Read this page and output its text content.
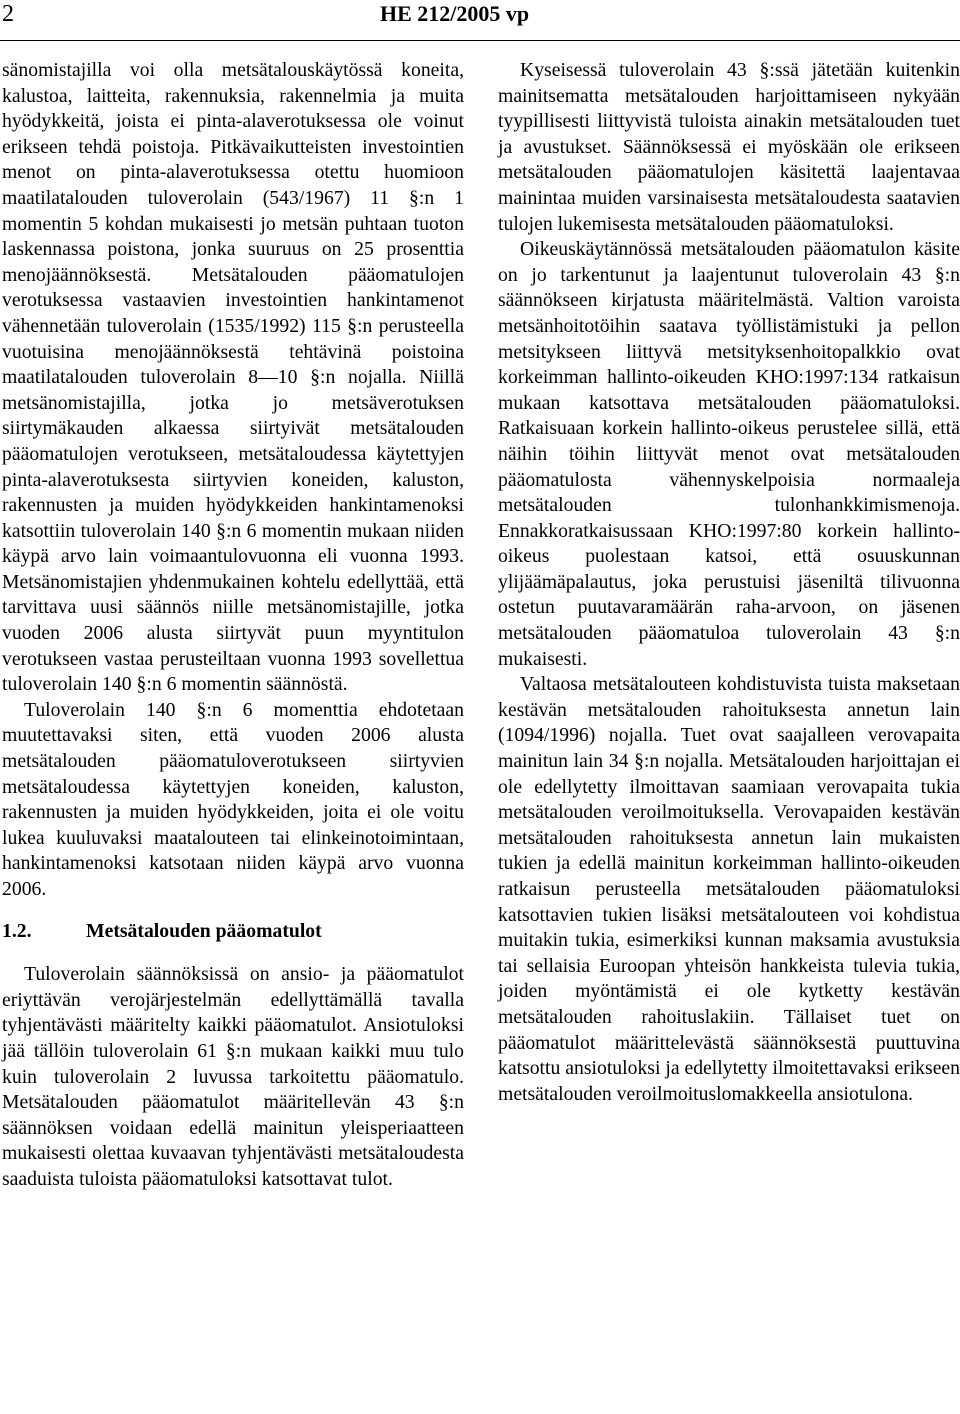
2	HE 212/2005 vp

sänomistajilla voi olla metsätalouskäytössä koneita, kalustoa, laitteita, rakennuksia, rakennelmia ja muita hyödykkeitä, joista ei pinta-alaverotuksessa ole voinut erikseen tehdä poistoja. Pitkävaikutteisten investointien menot on pinta-alaverotuksessa otettu huomioon maatilatalouden tuloverolain (543/1967) 11 §:n 1 momentin 5 kohdan mukaisesti jo metsän puhtaan tuoton laskennassa poistona, jonka suuruus on 25 prosenttia menojäännöksestä. Metsätalouden pääomatulojen verotuksessa vastaavien investointien hankintamenot vähennetään tuloverolain (1535/1992) 115 §:n perusteella vuotuisina menojäännöksestä tehtävinä poistoina maatilatalouden tuloverolain 8—10 §:n nojalla. Niillä metsänomistajilla, jotka jo metsäverotuksen siirtymäkauden alkaessa siirtyivät metsätalouden pääomatulojen verotukseen, metsätaloudessa käytettyjen pinta-alaverotuksesta siirtyvien koneiden, kaluston, rakennusten ja muiden hyödykkeiden hankintamenoksi katsottiin tuloverolain 140 §:n 6 momentin mukaan niiden käypä arvo lain voimaantulovuonna eli vuonna 1993. Metsänomistajien yhdenmukainen kohtelu edellyttää, että tarvittava uusi säännös niille metsänomistajille, jotka vuoden 2006 alusta siirtyvät puun myyntitulon verotukseen vastaa perusteiltaan vuonna 1993 sovellettua tuloverolain 140 §:n 6 momentin säännöstä.

Tuloverolain 140 §:n 6 momenttia ehdotetaan muutettavaksi siten, että vuoden 2006 alusta metsätalouden pääomatuloverotukseen siirtyvien metsätaloudessa käytettyjen koneiden, kaluston, rakennusten ja muiden hyödykkeiden, joita ei ole voitu lukea kuuluvaksi maatalouteen tai elinkeinotoimintaan, hankintamenoksi katsotaan niiden käypä arvo vuonna 2006.

1.2.	Metsätalouden pääomatulot

Tuloverolain säännöksissä on ansio- ja pääomatulot eriyttävän verojärjestelmän edellyttämällä tavalla tyhjentävästi määritelty kaikki pääomatulot. Ansiotuloksi jää tällöin tuloverolain 61 §:n mukaan kaikki muu tulo kuin tuloverolain 2 luvussa tarkoitettu pääomatulo. Metsätalouden pääomatulot määritellevän 43 §:n säännöksen voidaan edellä mainitun yleisperiaatteen mukaisesti olettaa kuvaavan tyhjentävästi metsätaloudesta saaduista tuloista pääomatuloksi katsottavat tulot.

Kyseisessä tuloverolain 43 §:ssä jätetään kuitenkin mainitsematta metsätalouden harjoittamiseen nykyään tyypillisesti liittyvistä tuloista ainakin metsätalouden tuet ja avustukset. Säännöksessä ei myöskään ole erikseen metsätalouden pääomatulojen käsitettä laajentavaa mainintaa muiden varsinaisesta metsätaloudesta saatavien tulojen lukemisesta metsätalouden pääomatuloksi.

Oikeuskäytännössä metsätalouden pääomatulon käsite on jo tarkentunut ja laajentunut tuloverolain 43 §:n säännökseen kirjatusta määritelmästä. Valtion varoista metsänhoitotöihin saatava työllistämistuki ja pellon metsitykseen liittyvä metsityksenhoitopalkkio ovat korkeimman hallinto-oikeuden KHO:1997:134 ratkaisun mukaan katsottava metsätalouden pääomatuloksi. Ratkaisuaan korkein hallinto-oikeus perustelee sillä, että näihin töihin liittyvät menot ovat metsätalouden pääomatulosta vähennyskelpoisia normaaleja metsätalouden tulonhankkimismenoja. Ennakkoratkaisussaan KHO:1997:80 korkein hallinto-oikeus puolestaan katsoi, että osuuskunnan ylijäämäpalautus, joka perustuisi jäseniltä tilivuonna ostetun puutavaramäärän raha-arvoon, on jäsenen metsätalouden pääomatuloa tuloverolain 43 §:n mukaisesti.

Valtaosa metsätalouteen kohdistuvista tuista maksetaan kestävän metsätalouden rahoituksesta annetun lain (1094/1996) nojalla. Tuet ovat saajalleen verovapaita mainitun lain 34 §:n nojalla. Metsätalouden harjoittajan ei ole edellytetty ilmoittavan saamiaan verovapaita tukia metsätalouden veroilmoituksella. Verovapaiden kestävän metsätalouden rahoituksesta annetun lain mukaisten tukien ja edellä mainitun korkeimman hallinto-oikeuden ratkaisun perusteella metsätalouden pääomatuloksi katsottavien tukien lisäksi metsätalouteen voi kohdistua muitakin tukia, esimerkiksi kunnan maksamia avustuksia tai sellaisia Euroopan yhteisön hankkeista tulevia tukia, joiden myöntämistä ei ole kytketty kestävän metsätalouden rahoituslakiin. Tällaiset tuet on pääomatulot määrittelevästä säännöksestä puuttuvina katsottu ansiotuloksi ja edellytetty ilmoitettavaksi erikseen metsätalouden veroilmoituslomakkeella ansiotulona.
